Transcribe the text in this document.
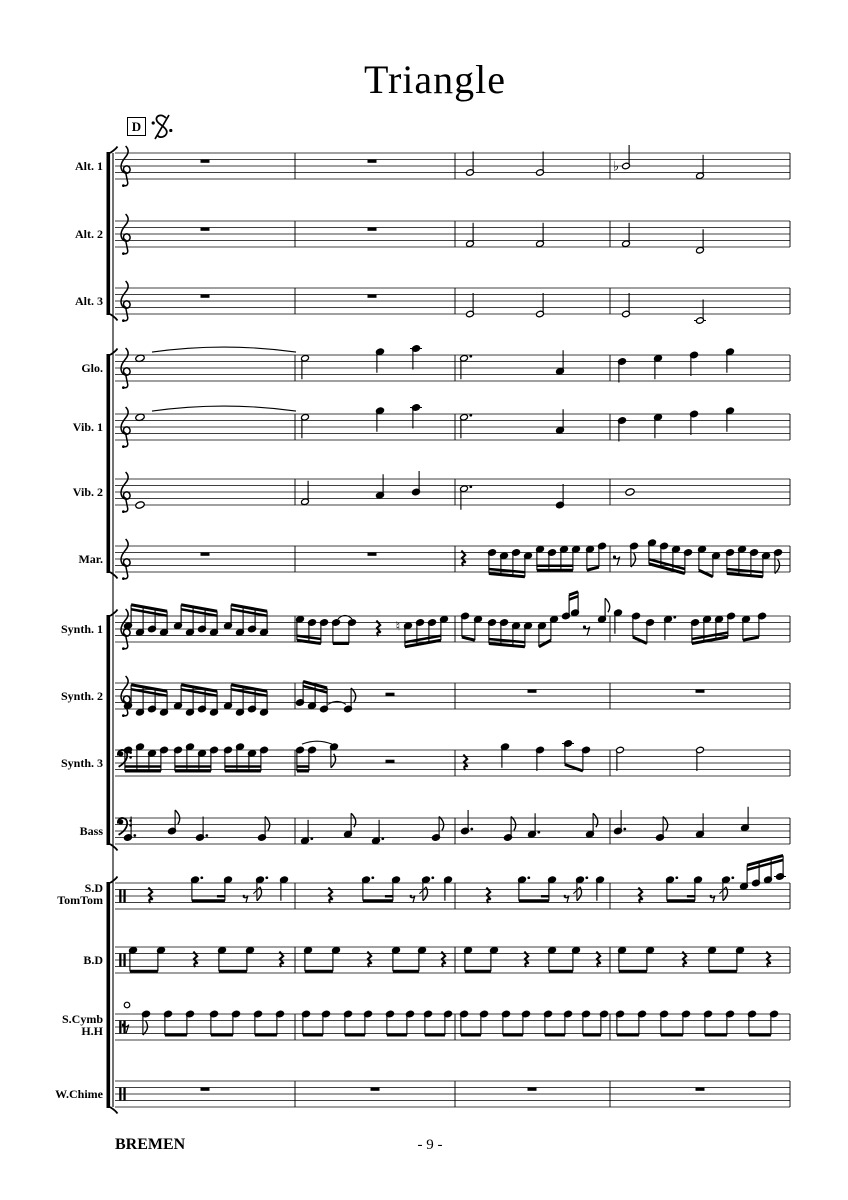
Triangle
D
Alt. 1	♭
Alt. 2
Alt. 3
Glo.
Vib. 1
Vib. 2
Mar.
Synth. 1	♮
Synth. 2
Synth. 3
Bass
S.D
TomTom
B.D
S.Cymb
H.H
W.Chime
BREMEN	- 9 -
